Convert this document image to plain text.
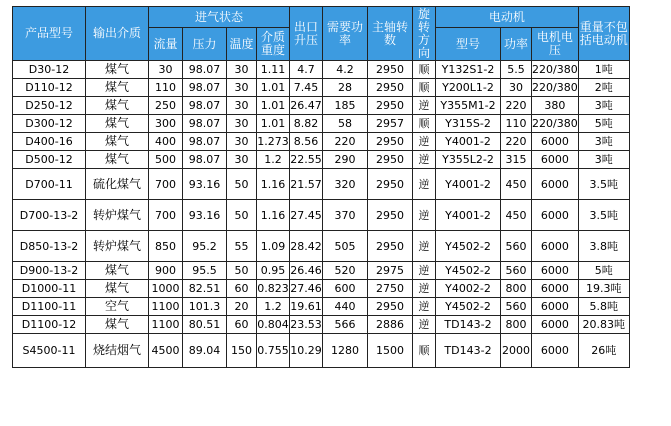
产品型号	输出介质	进气状态				出口升压	需要功率	主轴转数	旋转方向	电动机			重量不包括电动机
		流量	压力	温度	介质重度					型号	功率	电机电压	
D30-12	煤气	30	98.07	30	1.11	4.7	4.2	2950	顺	Y132S1-2	5.5	220/380	1吨
D110-12	煤气	110	98.07	30	1.01	7.45	28	2950	顺	Y200L1-2	30	220/380	2吨
D250-12	煤气	250	98.07	30	1.01	26.47	185	2950	逆	Y355M1-2	220	380	3吨
D300-12	煤气	300	98.07	30	1.01	8.82	58	2957	顺	Y315S-2	110	220/380	5吨
D400-16	煤气	400	98.07	30	1.273	8.56	220	2950	逆	Y4001-2	220	6000	3吨
D500-12	煤气	500	98.07	30	1.2	22.55	290	2950	逆	Y355L2-2	315	6000	3吨
D700-11	硫化煤气	700	93.16	50	1.16	21.57	320	2950	逆	Y4001-2	450	6000	3.5吨
D700-13-2	转炉煤气	700	93.16	50	1.16	27.45	370	2950	逆	Y4001-2	450	6000	3.5吨
D850-13-2	转炉煤气	850	95.2	55	1.09	28.42	505	2950	逆	Y4502-2	560	6000	3.8吨
D900-13-2	煤气	900	95.5	50	0.95	26.46	520	2975	逆	Y4502-2	560	6000	5吨
D1000-11	煤气	1000	82.51	60	0.823	27.46	600	2750	逆	Y4002-2	800	6000	19.3吨
D1100-11	空气	1100	101.3	20	1.2	19.61	440	2950	逆	Y4502-2	560	6000	5.8吨
D1100-12	煤气	1100	80.51	60	0.804	23.53	566	2886	逆	TD143-2	800	6000	20.83吨
S4500-11	烧结烟气	4500	89.04	150	0.755	10.29	1280	1500	顺	TD143-2	2000	6000	26吨
